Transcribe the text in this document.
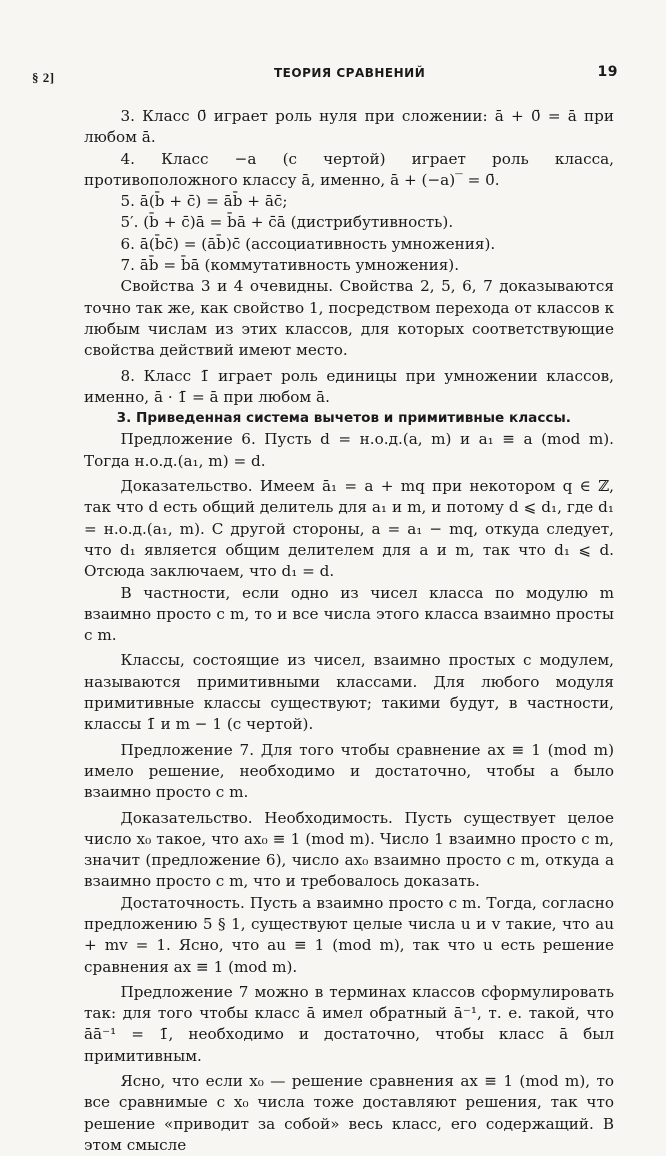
§ 2]	ТЕОРИЯ СРАВНЕНИЙ	19

3. Класс 0̄ играет роль нуля при сложении: ā + 0̄ = ā при любом ā.

4. Класс −a (с чертой) играет роль класса, противоположного классу ā, именно, ā + (−a)‾ = 0̄.

5. ā(b̄ + c̄) = āb̄ + āc̄;

5′. (b̄ + c̄)ā = b̄ā + c̄ā (дистрибутивность).

6. ā(b̄c̄) = (āb̄)c̄ (ассоциативность умножения).

7. āb̄ = b̄ā (коммутативность умножения).

Свойства 3 и 4 очевидны. Свойства 2, 5, 6, 7 доказываются точно так же, как свойство 1, посредством перехода от классов к любым числам из этих классов, для которых соответствующие свойства действий имеют место.

8. Класс 1̄ играет роль единицы при умножении классов, именно, ā · 1̄ = ā при любом ā.

3. Приведенная система вычетов и примитивные классы.

Предложение 6. Пусть d = н.о.д.(a, m) и a₁ ≡ a (mod m). Тогда н.о.д.(a₁, m) = d.

Доказательство. Имеем ā₁ = a + mq при некотором q ∈ ℤ, так что d есть общий делитель для a₁ и m, и потому d ⩽ d₁, где d₁ = н.о.д.(a₁, m). С другой стороны, a = a₁ − mq, откуда следует, что d₁ является общим делителем для a и m, так что d₁ ⩽ d. Отсюда заключаем, что d₁ = d.

В частности, если одно из чисел класса по модулю m взаимно просто с m, то и все числа этого класса взаимно просты с m.

Классы, состоящие из чисел, взаимно простых с модулем, называются примитивными классами. Для любого модуля примитивные классы существуют; такими будут, в частности, классы 1̄ и m − 1 (с чертой).

Предложение 7. Для того чтобы сравнение ax ≡ 1 (mod m) имело решение, необходимо и достаточно, чтобы a было взаимно просто с m.

Доказательство. Необходимость. Пусть существует целое число x₀ такое, что ax₀ ≡ 1 (mod m). Число 1 взаимно просто с m, значит (предложение 6), число ax₀ взаимно просто с m, откуда a взаимно просто с m, что и требовалось доказать.

Достаточность. Пусть a взаимно просто с m. Тогда, согласно предложению 5 § 1, существуют целые числа u и v такие, что au + mv = 1. Ясно, что au ≡ 1 (mod m), так что u есть решение сравнения ax ≡ 1 (mod m).

Предложение 7 можно в терминах классов сформулировать так: для того чтобы класс ā имел обратный ā⁻¹, т. е. такой, что āā⁻¹ = 1̄, необходимо и достаточно, чтобы класс ā был примитивным.

Ясно, что если x₀ — решение сравнения ax ≡ 1 (mod m), то все сравнимые с x₀ числа тоже доставляют решения, так что решение «приводит за собой» весь класс, его содержащий. В этом смысле
